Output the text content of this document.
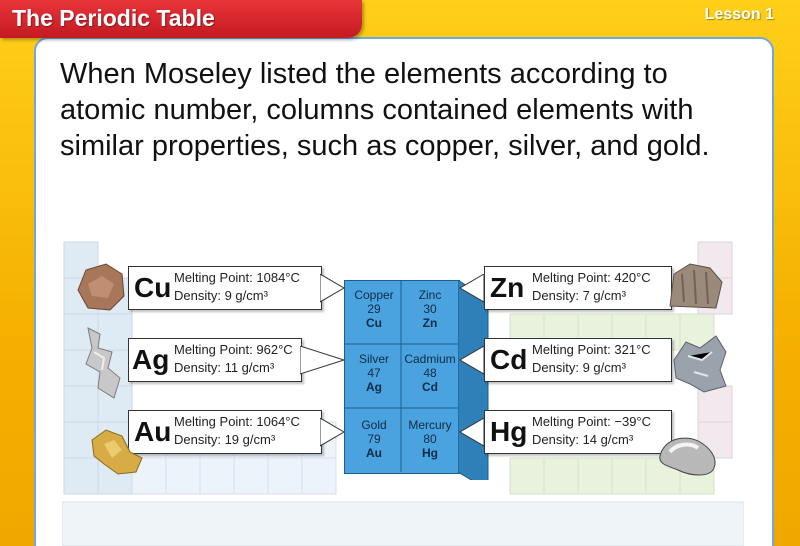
The Periodic Table	Lesson 1
When Moseley listed the elements according to atomic number, columns contained elements with similar properties, such as copper, silver, and gold.
Copper
29
Cu
Silver
47
Ag
Gold
79
Au
Zinc
30
Zn
Cadmium
48
Cd
Mercury
80
Hg
Cu Melting Point: 1084°C
Density: 9 g/cm³
Ag Melting Point: 962°C
Density: 11 g/cm³
Au Melting Point: 1064°C
Density: 19 g/cm³
Zn Melting Point: 420°C
Density: 7 g/cm³
Cd Melting Point: 321°C
Density: 9 g/cm³
Hg Melting Point: −39°C
Density: 14 g/cm³
